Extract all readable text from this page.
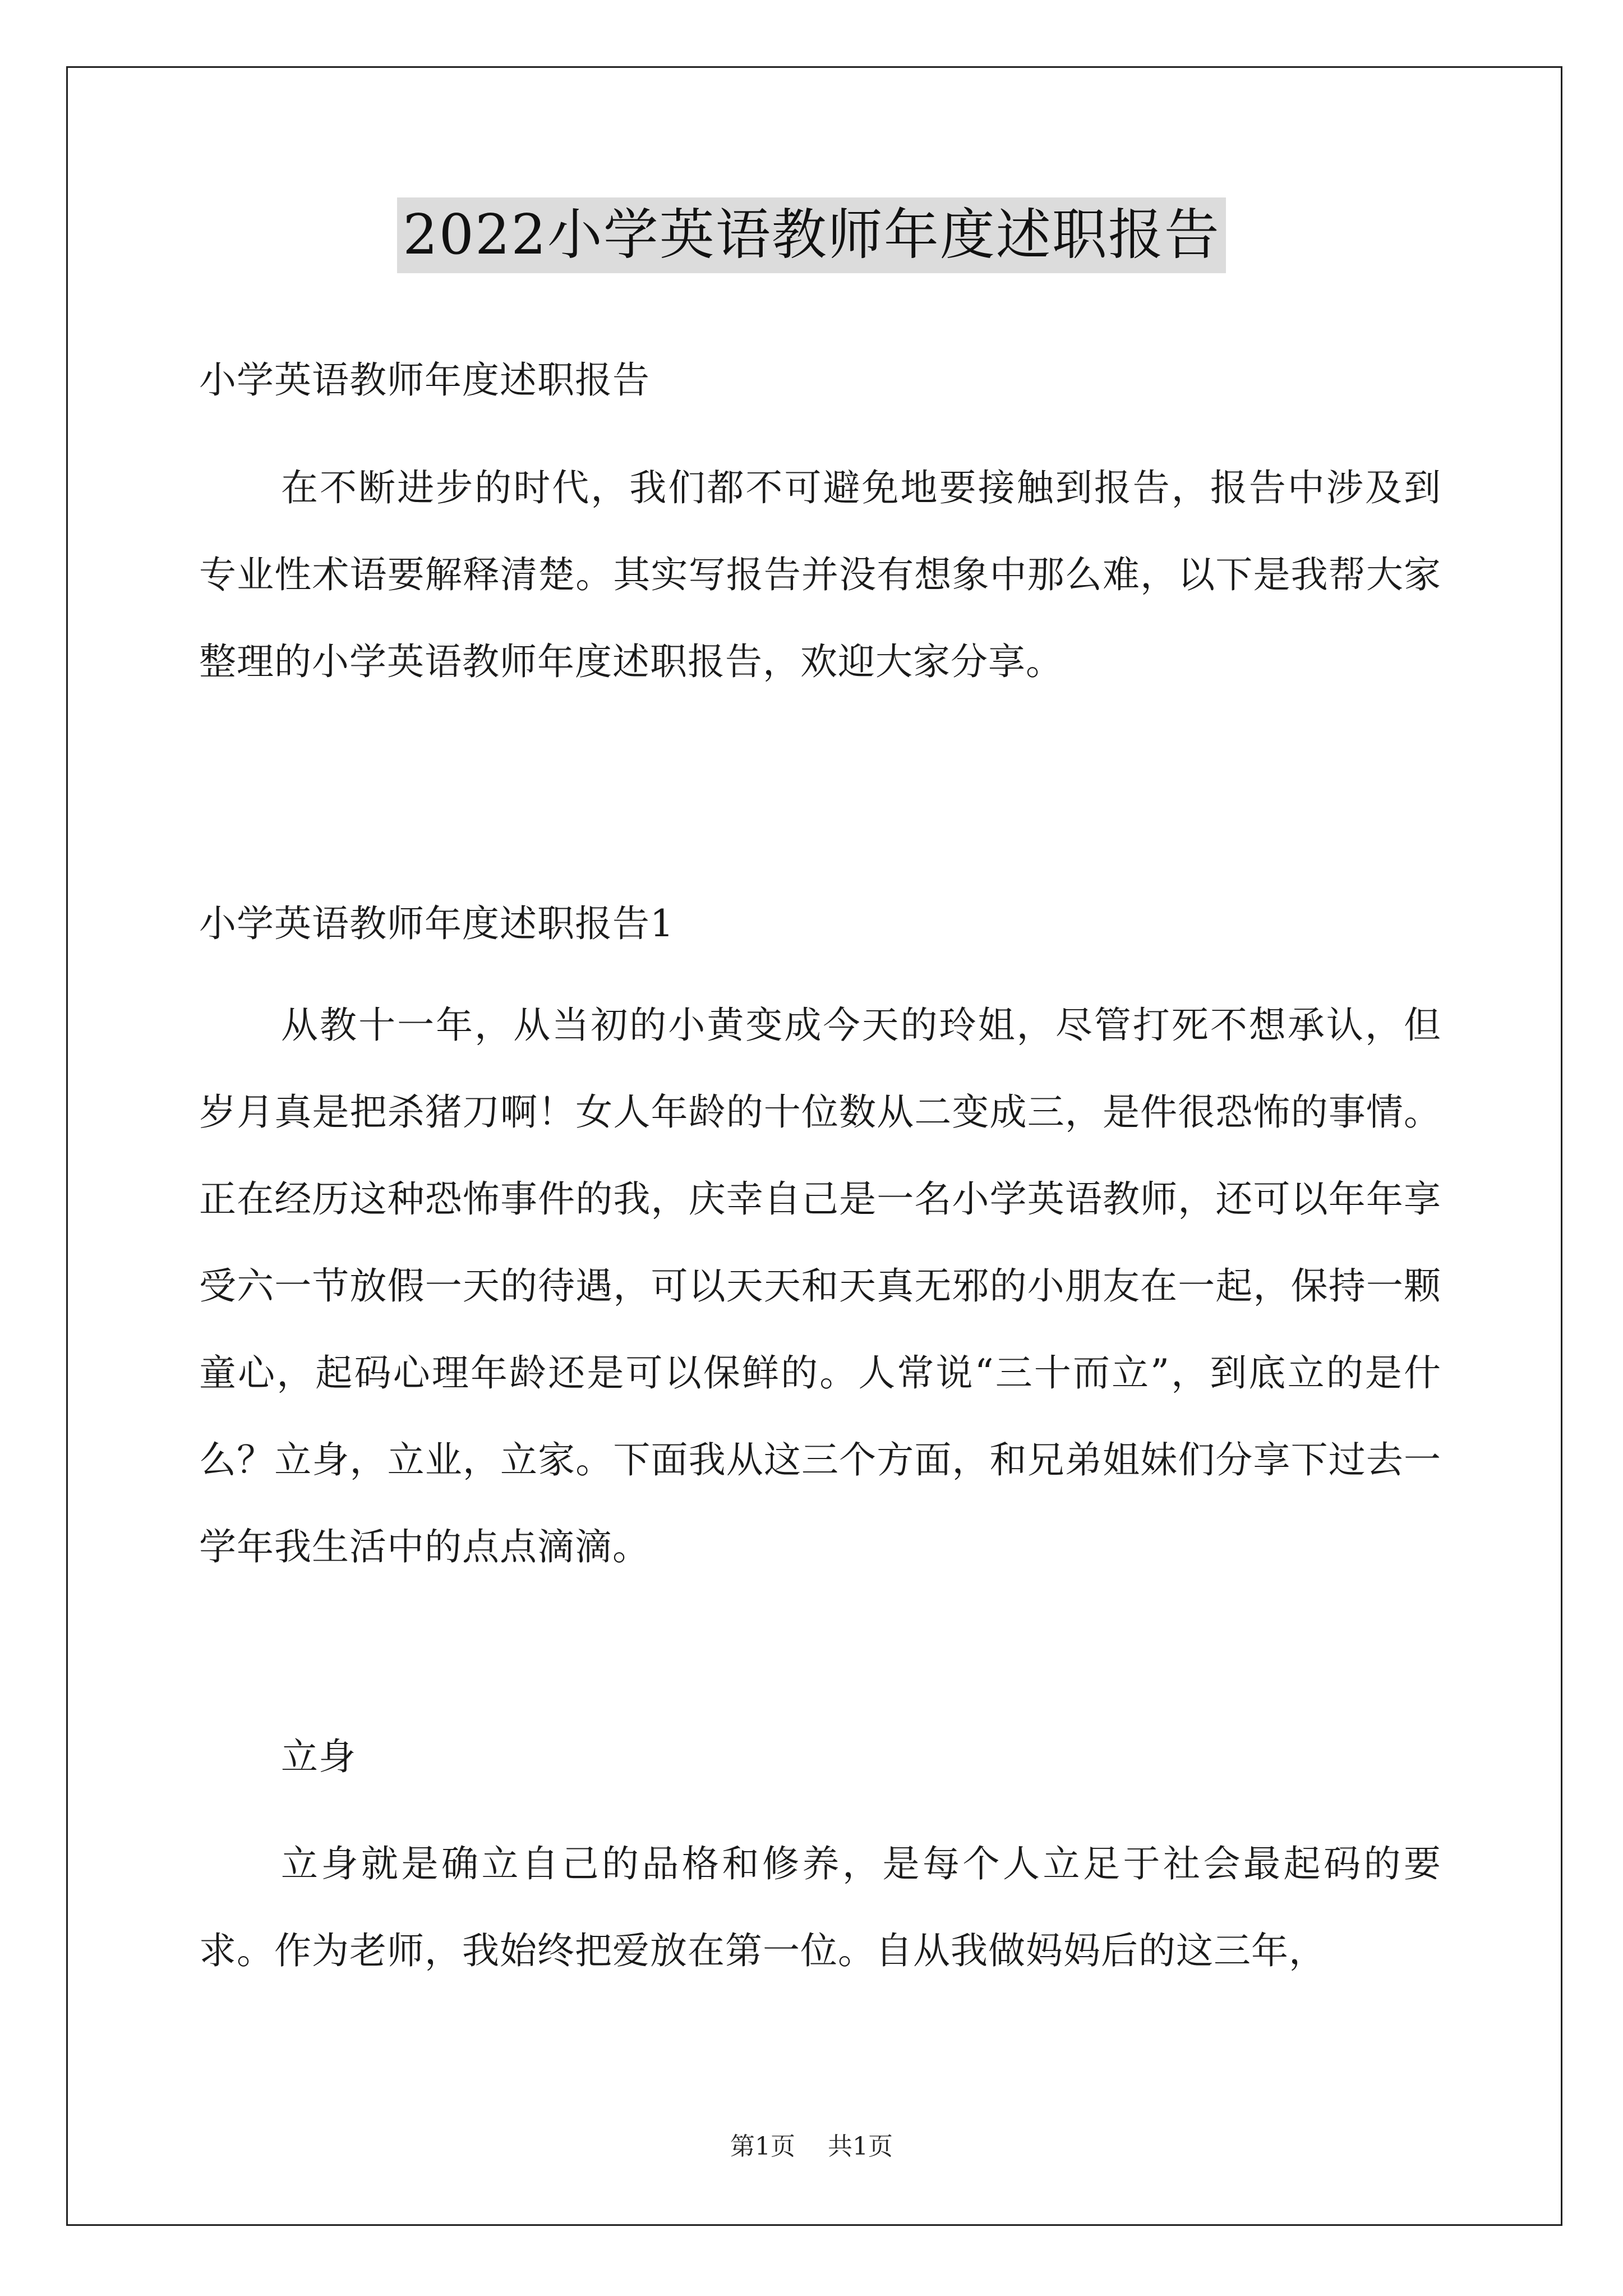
2022小学英语教师年度述职报告

小学英语教师年度述职报告

在不断进步的时代，我们都不可避免地要接触到报告，报告中涉及到专业性术语要解释清楚。其实写报告并没有想象中那么难，以下是我帮大家整理的小学英语教师年度述职报告，欢迎大家分享。

小学英语教师年度述职报告1

从教十一年，从当初的小黄变成今天的玲姐，尽管打死不想承认，但岁月真是把杀猪刀啊！女人年龄的十位数从二变成三，是件很恐怖的事情。正在经历这种恐怖事件的我，庆幸自己是一名小学英语教师，还可以年年享受六一节放假一天的待遇，可以天天和天真无邪的小朋友在一起，保持一颗童心，起码心理年龄还是可以保鲜的。人常说“三十而立”，到底立的是什么？立身，立业，立家。下面我从这三个方面，和兄弟姐妹们分享下过去一学年我生活中的点点滴滴。

立身

立身就是确立自己的品格和修养，是每个人立足于社会最起码的要求。作为老师，我始终把爱放在第一位。自从我做妈妈后的这三年，

第1页 共1页
